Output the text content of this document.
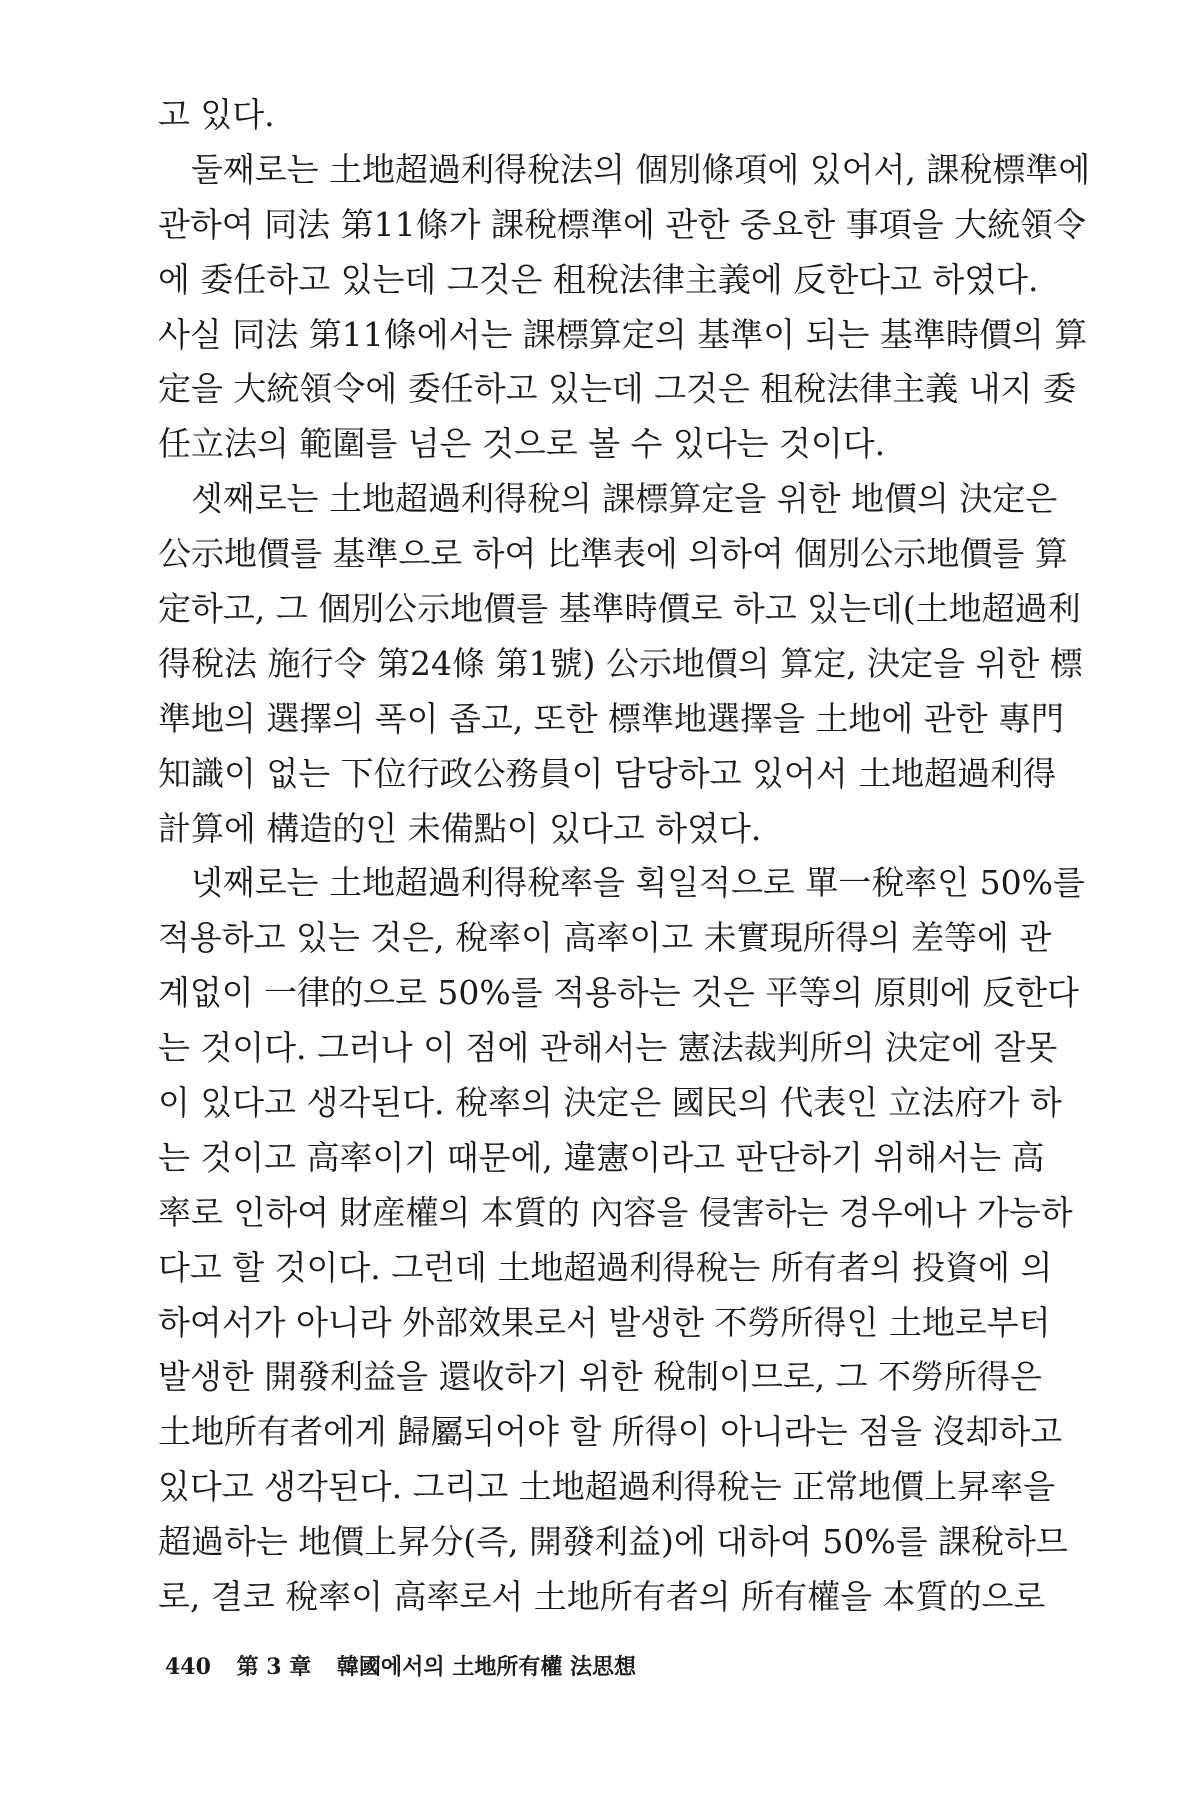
고 있다.
둘째로는 土地超過利得稅法의 個別條項에 있어서, 課稅標準에
관하여 同法 第11條가 課稅標準에 관한 중요한 事項을 大統領令
에 委任하고 있는데 그것은 租稅法律主義에 反한다고 하였다.
사실 同法 第11條에서는 課標算定의 基準이 되는 基準時價의 算
定을 大統領令에 委任하고 있는데 그것은 租稅法律主義 내지 委
任立法의 範圍를 넘은 것으로 볼 수 있다는 것이다.
셋째로는 土地超過利得稅의 課標算定을 위한 地價의 決定은
公示地價를 基準으로 하여 比準表에 의하여 個別公示地價를 算
定하고, 그 個別公示地價를 基準時價로 하고 있는데(土地超過利
得稅法 施行令 第24條 第1號) 公示地價의 算定, 決定을 위한 標
準地의 選擇의 폭이 좁고, 또한 標準地選擇을 土地에 관한 專門
知識이 없는 下位行政公務員이 담당하고 있어서 土地超過利得
計算에 構造的인 未備點이 있다고 하였다.
넷째로는 土地超過利得稅率을 획일적으로 單一稅率인 50%를
적용하고 있는 것은, 稅率이 高率이고 未實現所得의 差等에 관
계없이 一律的으로 50%를 적용하는 것은 平等의 原則에 反한다
는 것이다. 그러나 이 점에 관해서는 憲法裁判所의 決定에 잘못
이 있다고 생각된다. 稅率의 決定은 國民의 代表인 立法府가 하
는 것이고 高率이기 때문에, 違憲이라고 판단하기 위해서는 高
率로 인하여 財産權의 本質的 內容을 侵害하는 경우에나 가능하
다고 할 것이다. 그런데 土地超過利得稅는 所有者의 投資에 의
하여서가 아니라 外部效果로서 발생한 不勞所得인 土地로부터
발생한 開發利益을 還收하기 위한 稅制이므로, 그 不勞所得은
土地所有者에게 歸屬되어야 할 所得이 아니라는 점을 沒却하고
있다고 생각된다. 그리고 土地超過利得稅는 正常地價上昇率을
超過하는 地價上昇分(즉, 開發利益)에 대하여 50%를 課稅하므
로, 결코 稅率이 高率로서 土地所有者의 所有權을 本質的으로
440 第 3 章 韓國에서의 土地所有權 法思想
